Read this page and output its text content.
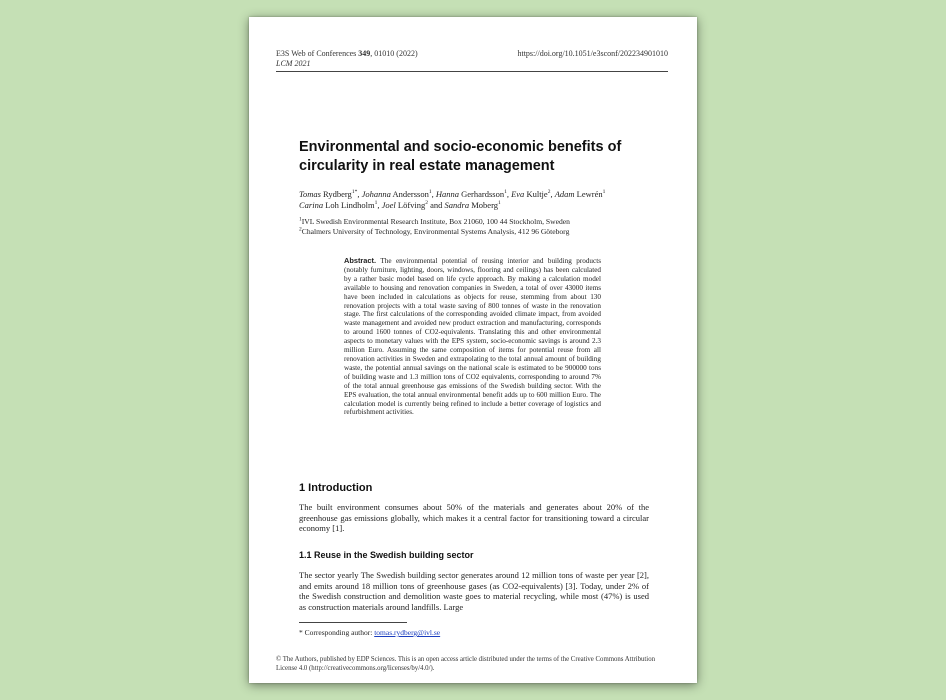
E3S Web of Conferences 349, 01010 (2022)
LCM 2021
https://doi.org/10.1051/e3sconf/202234901010
Environmental and socio-economic benefits of circularity in real estate management
Tomas Rydberg$^{1*}$, Johanna Andersson$^1$, Hanna Gerhardsson$^1$, Eva Kultje$^2$, Adam Lewrén$^1$
Carina Loh Lindholm$^1$, Joel Löfving$^2$ and Sandra Moberg$^1$
$^1$IVL Swedish Environmental Research Institute, Box 21060, 100 44 Stockholm, Sweden
$^2$Chalmers University of Technology, Environmental Systems Analysis, 412 96 Göteborg
Abstract. The environmental potential of reusing interior and building products (notably furniture, lighting, doors, windows, flooring and ceilings) has been calculated by a rather basic model based on life cycle approach. By making a calculation model available to housing and renovation companies in Sweden, a total of over 43000 items have been included in calculations as objects for reuse, stemming from about 130 renovation projects with a total waste saving of 800 tonnes of waste in the renovation stage. The first calculations of the corresponding avoided climate impact, from avoided waste management and avoided new product extraction and manufacturing, corresponds to around 1600 tonnes of CO2-equivalents. Translating this and other environmental aspects to monetary values with the EPS system, socio-economic savings is around 2.3 million Euro. Assuming the same composition of items for potential reuse from all renovation activities in Sweden and extrapolating to the total annual amount of building waste, the potential annual savings on the national scale is estimated to be 900000 tons of building waste and 1.3 million tons of CO2 equivalents, corresponding to around 7% of the total annual greenhouse gas emissions of the Swedish building sector. With the EPS evaluation, the total annual environmental benefit adds up to 600 million Euro. The calculation model is currently being refined to include a better coverage of logistics and refurbishment activities.
1 Introduction
The built environment consumes about 50% of the materials and generates about 20% of the greenhouse gas emissions globally, which makes it a central factor for transitioning toward a circular economy [1].
1.1 Reuse in the Swedish building sector
The sector yearly The Swedish building sector generates around 12 million tons of waste per year [2], and emits around 18 million tons of greenhouse gases (as CO2-equivalents) [3]. Today, under 2% of the Swedish construction and demolition waste goes to material recycling, while most (47%) is used as construction materials around landfills. Large
* Corresponding author: tomas.rydberg@ivl.se
© The Authors, published by EDP Sciences. This is an open access article distributed under the terms of the Creative Commons Attribution License 4.0 (http://creativecommons.org/licenses/by/4.0/).
